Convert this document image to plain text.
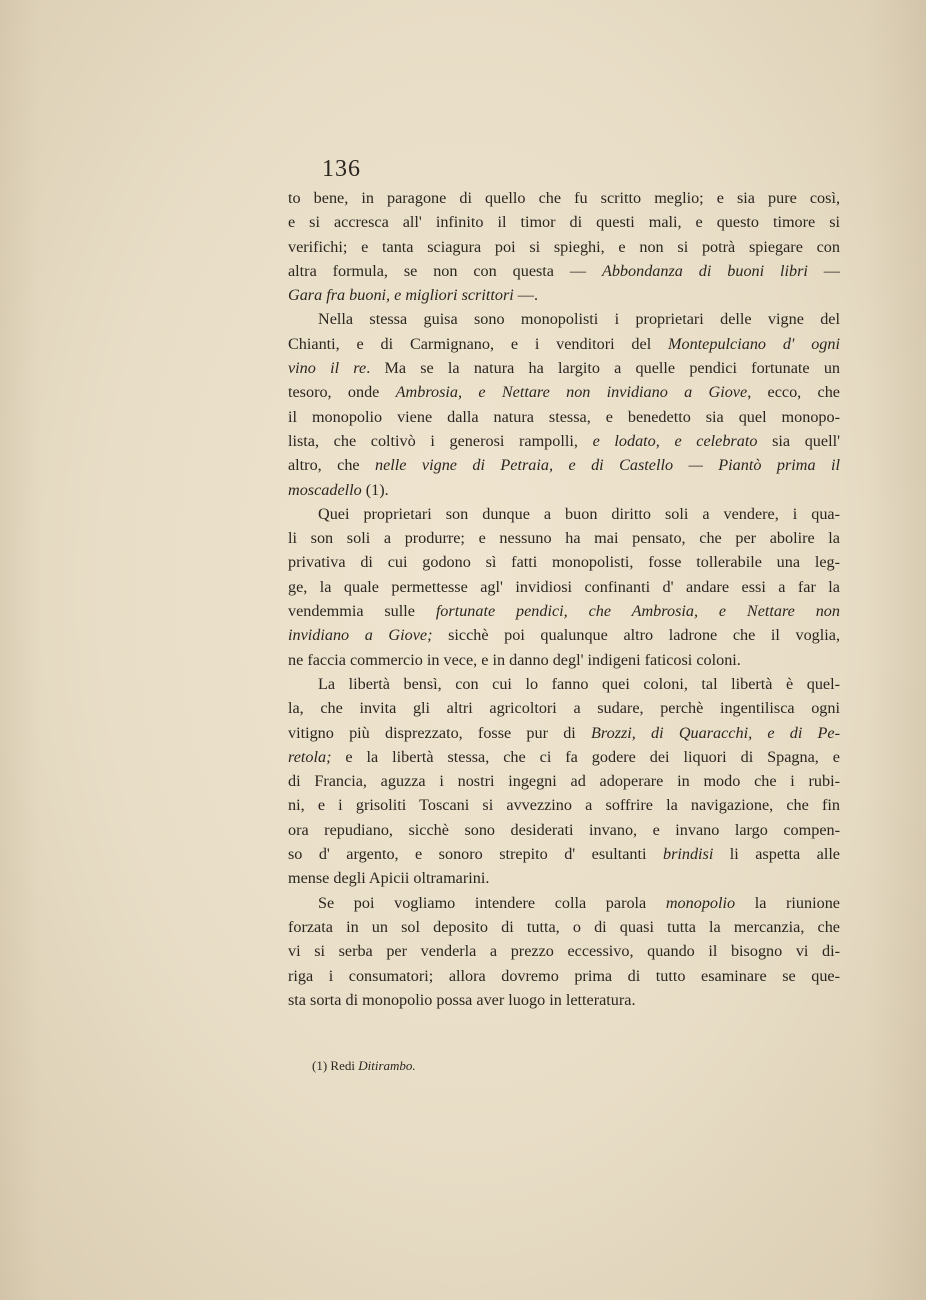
136
to bene, in paragone di quello che fu scritto meglio; e sia pure così,
e si accresca all' infinito il timor di questi mali, e questo timore si
verifichi; e tanta sciagura poi si spieghi, e non si potrà spiegare con
altra formula, se non con questa — Abbondanza di buoni libri —
Gara fra buoni, e migliori scrittori —.
Nella stessa guisa sono monopolisti i proprietari delle vigne del
Chianti, e di Carmignano, e i venditori del Montepulciano d' ogni
vino il re. Ma se la natura ha largito a quelle pendici fortunate un
tesoro, onde Ambrosia, e Nettare non invidiano a Giove, ecco, che
il monopolio viene dalla natura stessa, e benedetto sia quel monopo-
lista, che coltivò i generosi rampolli, e lodato, e celebrato sia quell'
altro, che nelle vigne di Petraia, e di Castello — Piantò prima il
moscadello (1).
Quei proprietari son dunque a buon diritto soli a vendere, i qua-
li son soli a produrre; e nessuno ha mai pensato, che per abolire la
privativa di cui godono sì fatti monopolisti, fosse tollerabile una leg-
ge, la quale permettesse agl' invidiosi confinanti d' andare essi a far la
vendemmia sulle fortunate pendici, che Ambrosia, e Nettare non
invidiano a Giove; sicchè poi qualunque altro ladrone che il voglia,
ne faccia commercio in vece, e in danno degl' indigeni faticosi coloni.
La libertà bensì, con cui lo fanno quei coloni, tal libertà è quel-
la, che invita gli altri agricoltori a sudare, perchè ingentilisca ogni
vitigno più disprezzato, fosse pur di Brozzi, di Quaracchi, e di Pe-
retola; e la libertà stessa, che ci fa godere dei liquori di Spagna, e
di Francia, aguzza i nostri ingegni ad adoperare in modo che i rubi-
ni, e i grisoliti Toscani si avvezzino a soffrire la navigazione, che fin
ora repudiano, sicchè sono desiderati invano, e invano largo compen-
so d' argento, e sonoro strepito d' esultanti brindisi li aspetta alle
mense degli Apicii oltramarini.
Se poi vogliamo intendere colla parola monopolio la riunione
forzata in un sol deposito di tutta, o di quasi tutta la mercanzia, che
vi si serba per venderla a prezzo eccessivo, quando il bisogno vi di-
riga i consumatori; allora dovremo prima di tutto esaminare se que-
sta sorta di monopolio possa aver luogo in letteratura.
(1) Redi Ditirambo.
